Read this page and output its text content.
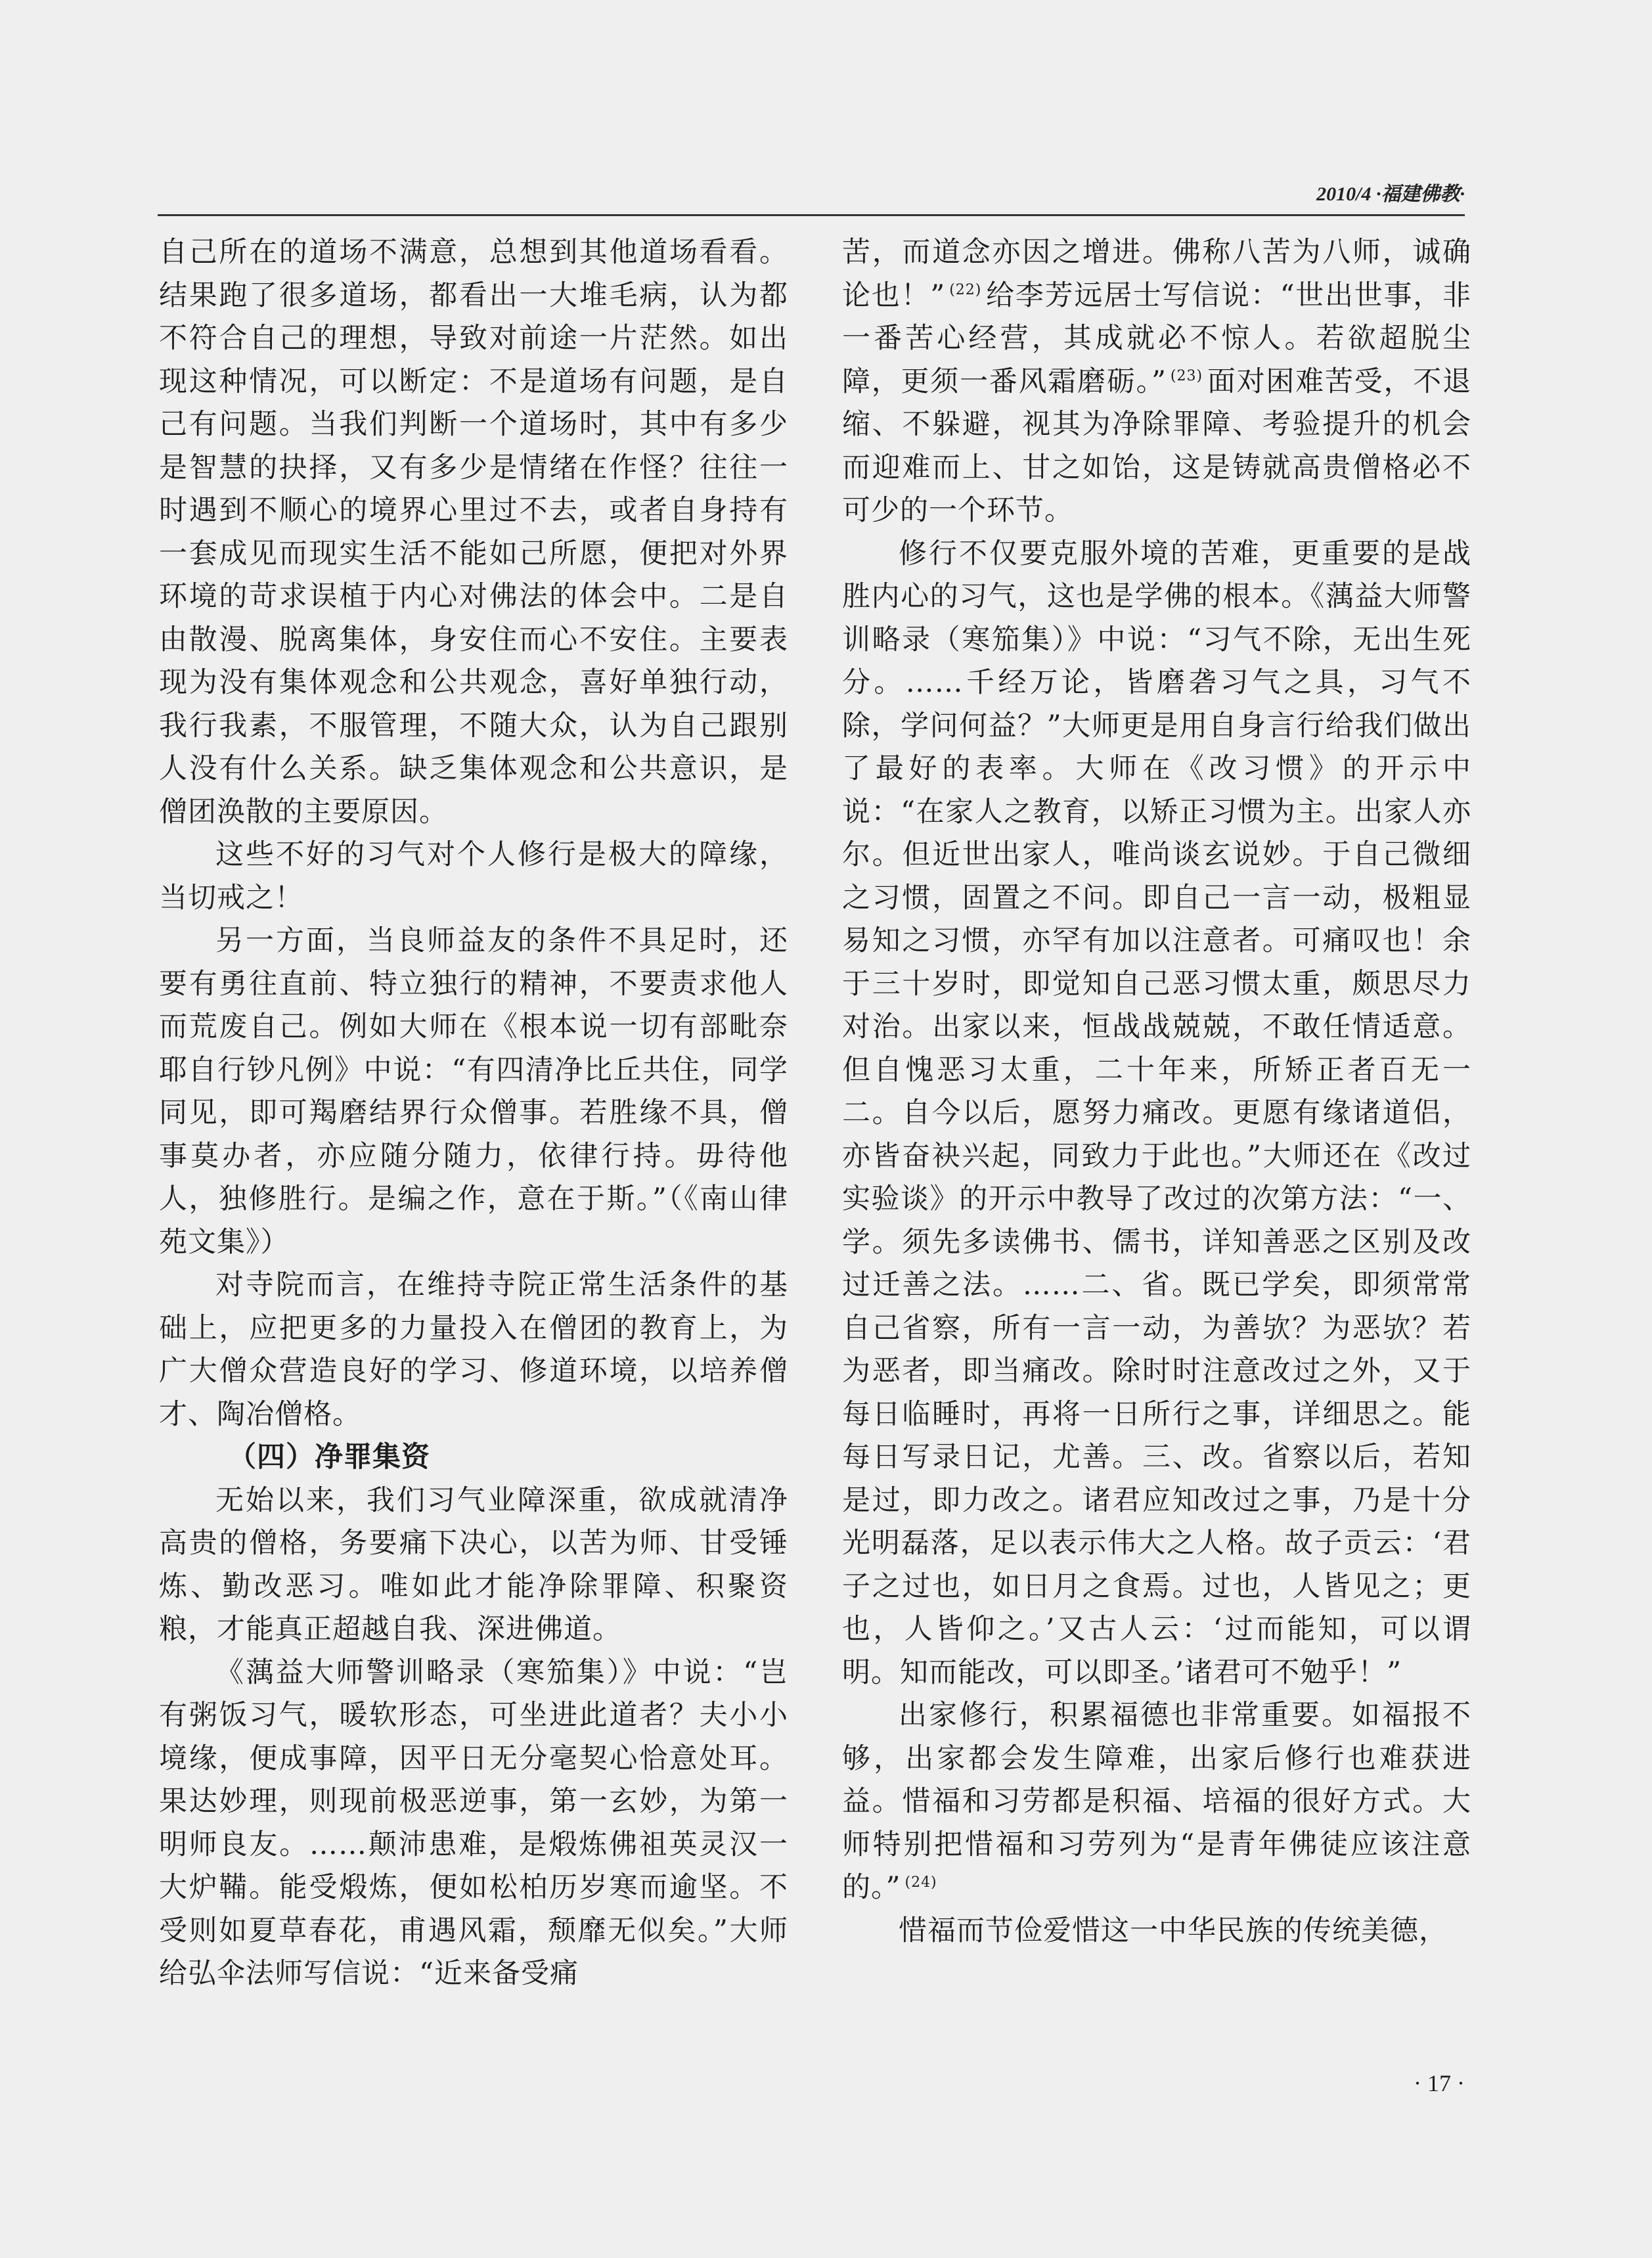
2010/4 ·福建佛教·

自己所在的道场不满意，总想到其他道场看看。结果跑了很多道场，都看出一大堆毛病，认为都不符合自己的理想，导致对前途一片茫然。如出现这种情况，可以断定：不是道场有问题，是自己有问题。当我们判断一个道场时，其中有多少是智慧的抉择，又有多少是情绪在作怪？往往一时遇到不顺心的境界心里过不去，或者自身持有一套成见而现实生活不能如己所愿，便把对外界环境的苛求误植于内心对佛法的体会中。二是自由散漫、脱离集体，身安住而心不安住。主要表现为没有集体观念和公共观念，喜好单独行动，我行我素，不服管理，不随大众，认为自己跟别人没有什么关系。缺乏集体观念和公共意识，是僧团涣散的主要原因。

这些不好的习气对个人修行是极大的障缘，当切戒之！

另一方面，当良师益友的条件不具足时，还要有勇往直前、特立独行的精神，不要责求他人而荒废自己。例如大师在《根本说一切有部毗奈耶自行钞凡例》中说：“有四清净比丘共住，同学同见，即可羯磨结界行众僧事。若胜缘不具，僧事莫办者，亦应随分随力，依律行持。毋待他人，独修胜行。是编之作，意在于斯。”（《南山律苑文集》）

对寺院而言，在维持寺院正常生活条件的基础上，应把更多的力量投入在僧团的教育上，为广大僧众营造良好的学习、修道环境，以培养僧才、陶冶僧格。

（四）净罪集资

无始以来，我们习气业障深重，欲成就清净高贵的僧格，务要痛下决心，以苦为师、甘受锤炼、勤改恶习。唯如此才能净除罪障、积聚资粮，才能真正超越自我、深进佛道。

《蕅益大师警训略录（寒笳集）》中说：“岂有粥饭习气，暖软形态，可坐进此道者？夫小小境缘，便成事障，因平日无分毫契心恰意处耳。果达妙理，则现前极恶逆事，第一玄妙，为第一明师良友。……颠沛患难，是煅炼佛祖英灵汉一大炉鞴。能受煅炼，便如松柏历岁寒而逾坚。不受则如夏草春花，甫遇风霜，颓靡无似矣。”大师给弘伞法师写信说：“近来备受痛

苦，而道念亦因之增进。佛称八苦为八师，诚确论也！” $^{(22)}$ 给李芳远居士写信说：“世出世事，非一番苦心经营，其成就必不惊人。若欲超脱尘障，更须一番风霜磨砺。” $^{(23)}$ 面对困难苦受，不退缩、不躲避，视其为净除罪障、考验提升的机会而迎难而上、甘之如饴，这是铸就高贵僧格必不可少的一个环节。

修行不仅要克服外境的苦难，更重要的是战胜内心的习气，这也是学佛的根本。《蕅益大师警训略录（寒笳集）》中说：“习气不除，无出生死分。……千经万论，皆磨砻习气之具，习气不除，学问何益？”大师更是用自身言行给我们做出了最好的表率。大师在《改习惯》的开示中说：“在家人之教育，以矫正习惯为主。出家人亦尔。但近世出家人，唯尚谈玄说妙。于自己微细之习惯，固置之不问。即自己一言一动，极粗显易知之习惯，亦罕有加以注意者。可痛叹也！余于三十岁时，即觉知自己恶习惯太重，颇思尽力对治。出家以来，恒战战兢兢，不敢任情适意。但自愧恶习太重，二十年来，所矫正者百无一二。自今以后，愿努力痛改。更愿有缘诸道侣，亦皆奋袂兴起，同致力于此也。”大师还在《改过实验谈》的开示中教导了改过的次第方法：“一、学。须先多读佛书、儒书，详知善恶之区别及改过迁善之法。……二、省。既已学矣，即须常常自己省察，所有一言一动，为善欤？为恶欤？若为恶者，即当痛改。除时时注意改过之外，又于每日临睡时，再将一日所行之事，详细思之。能每日写录日记，尤善。三、改。省察以后，若知是过，即力改之。诸君应知改过之事，乃是十分光明磊落，足以表示伟大之人格。故子贡云：‘君子之过也，如日月之食焉。过也，人皆见之；更也，人皆仰之。’又古人云：‘过而能知，可以谓明。知而能改，可以即圣。’诸君可不勉乎！”

出家修行，积累福德也非常重要。如福报不够，出家都会发生障难，出家后修行也难获进益。惜福和习劳都是积福、培福的很好方式。大师特别把惜福和习劳列为“是青年佛徒应该注意的。” $^{(24)}$

惜福而节俭爱惜这一中华民族的传统美德，

· 17 ·
